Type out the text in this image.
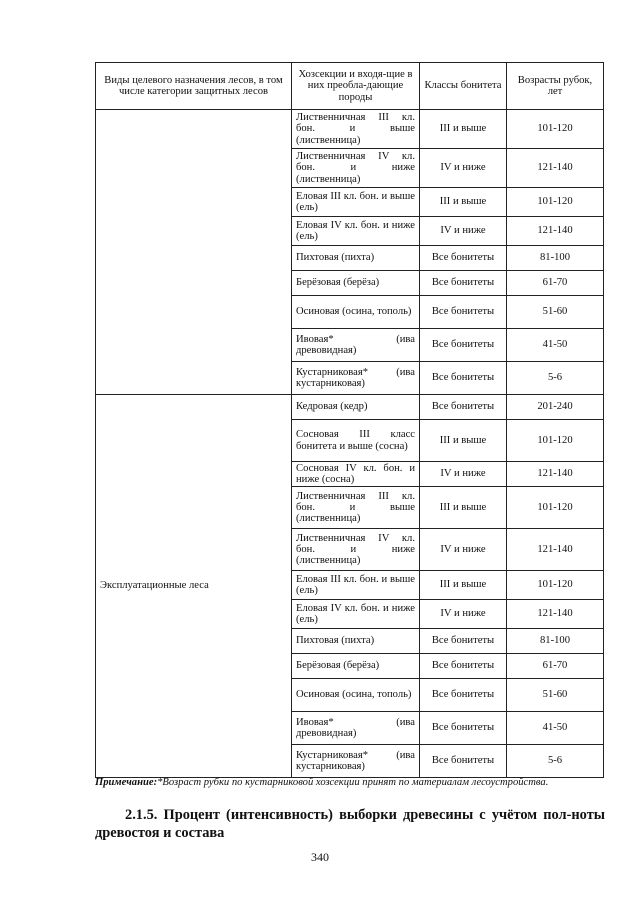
Виды целевого назначения лесов, в том числе категории защитных лесов	Хозсекции и входя-щие в них преобла-дающие породы	Классы бонитета	Возрасты рубок, лет
	Лиственничная III кл. бон. и выше (лиственница)	III и выше	101-120
	Лиственничная IV кл. бон. и ниже (лиственница)	IV и ниже	121-140
	Еловая III кл. бон. и выше (ель)	III и выше	101-120
	Еловая IV кл. бон. и ниже (ель)	IV и ниже	121-140
	Пихтовая (пихта)	Все бонитеты	81-100
	Берёзовая (берёза)	Все бонитеты	61-70
	Осиновая (осина, тополь)	Все бонитеты	51-60
	Ивовая* (ива древовидная)	Все бонитеты	41-50
	Кустарниковая* (ива кустарниковая)	Все бонитеты	5-6
Эксплуатационные леса	Кедровая (кедр)	Все бонитеты	201-240
	Сосновая III класс бонитета и выше (сосна)	III и выше	101-120
	Сосновая IV кл. бон. и ниже (сосна)	IV и ниже	121-140
	Лиственничная III кл. бон. и выше (лиственница)	III и выше	101-120
	Лиственничная IV кл. бон. и ниже (лиственница)	IV и ниже	121-140
	Еловая III кл. бон. и выше (ель)	III и выше	101-120
	Еловая IV кл. бон. и ниже (ель)	IV и ниже	121-140
	Пихтовая (пихта)	Все бонитеты	81-100
	Берёзовая (берёза)	Все бонитеты	61-70
	Осиновая (осина, тополь)	Все бонитеты	51-60
	Ивовая* (ива древовидная)	Все бонитеты	41-50
	Кустарниковая* (ива кустарниковая)	Все бонитеты	5-6
Примечание:*Возраст рубки по кустарниковой хозсекции принят по материалам лесоустройства.
2.1.5. Процент (интенсивность) выборки древесины с учётом пол-ноты древостоя и состава
340
